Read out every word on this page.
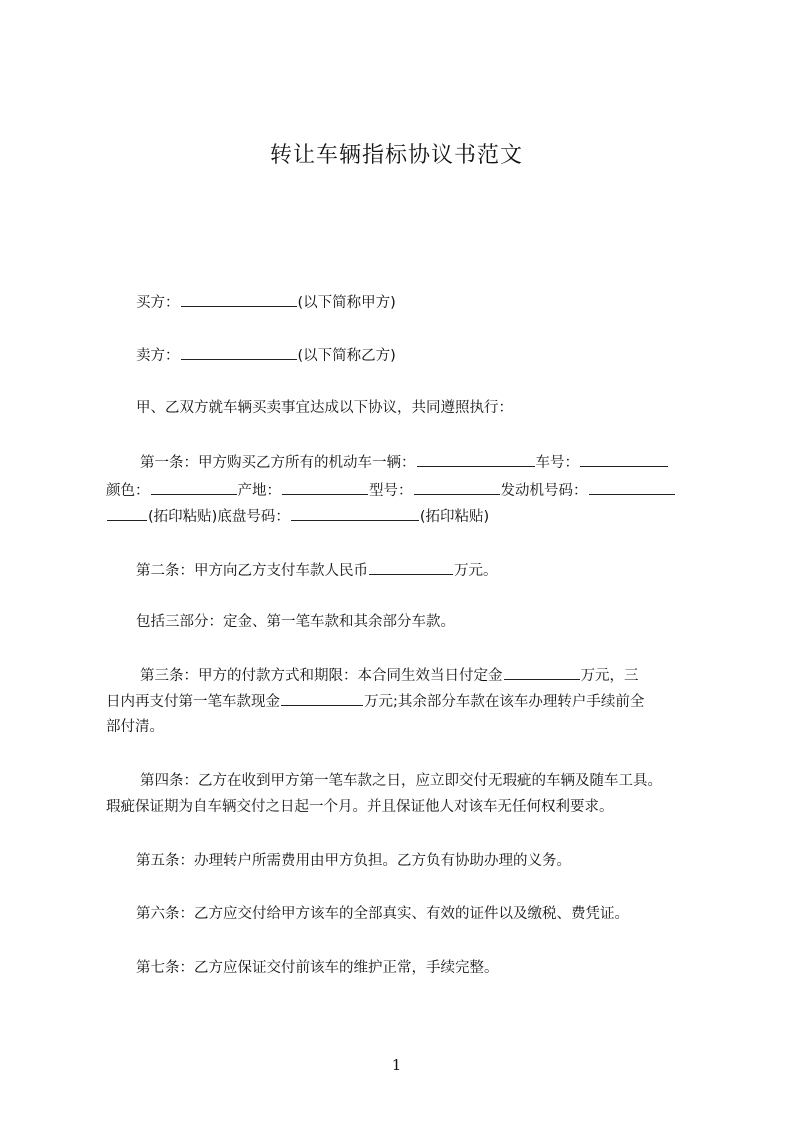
转让车辆指标协议书范文
买方：	(以下简称甲方)
卖方：	(以下简称乙方)
甲、乙双方就车辆买卖事宜达成以下协议，共同遵照执行：
第一条：甲方购买乙方所有的机动车一辆：	车号：
颜色：	产地：	型号：	发动机号码：
(拓印粘贴)底盘号码：	(拓印粘贴)
第二条：甲方向乙方支付车款人民币	万元。
包括三部分：定金、第一笔车款和其余部分车款。
第三条：甲方的付款方式和期限：本合同生效当日付定金	万元，三
日内再支付第一笔车款现金	万元;其余部分车款在该车办理转户手续前全
部付清。
第四条：乙方在收到甲方第一笔车款之日，应立即交付无瑕疵的车辆及随车工具。
瑕疵保证期为自车辆交付之日起一个月。并且保证他人对该车无任何权利要求。
第五条：办理转户所需费用由甲方负担。乙方负有协助办理的义务。
第六条：乙方应交付给甲方该车的全部真实、有效的证件以及缴税、费凭证。
第七条：乙方应保证交付前该车的维护正常，手续完整。
1
